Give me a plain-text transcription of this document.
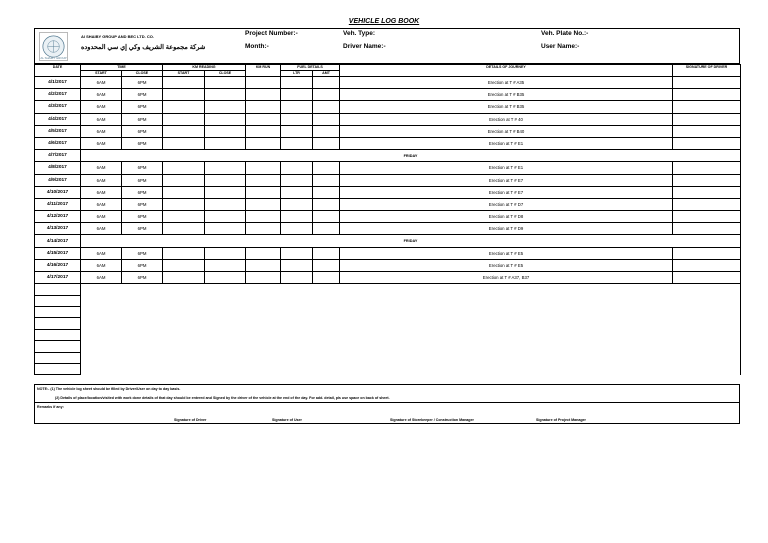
VEHICLE LOG BOOK
AL SHAIBY GROUP
Al SHAIBY GROUP AND BEC LTD. CO.
شركة مجموعة الشريف وكي إي سي المحدوده
Project Number:-
Month:-
Veh. Type:
Driver Name:-
Veh. Plate No.:-
User Name:-
DATE	TIME		KM READING		KM RUN	FUEL DETAILS		DETAILS OF JOURNEY	SIGNATURE OF DRIVER
	START	CLOSE	START	CLOSE		LTR	AMT		
4/1/2017	6AM	6PM						Erection at T # A35	
4/2/2017	6AM	6PM						Erection at T # B35	
4/3/2017	6AM	6PM						Erection at T # B35	
4/4/2017	6AM	6PM						Erection at T # 40	
4/5/2017	6AM	6PM						Erection at T # B40	
4/6/2017	6AM	6PM						Erection at T # E1	
4/7/2017	FRIDAY								
4/8/2017	6AM	6PM						Erection at T # E1	
4/9/2017	6AM	6PM						Erection at T # E7	
4/10/2017	6AM	6PM						Erection at T # E7	
4/11/2017	6AM	6PM						Erection at T # D7	
4/12/2017	6AM	6PM						Erection at T # D8	
4/13/2017	6AM	6PM						Erection at T # D9	
4/14/2017	FRIDAY								
4/15/2017	6AM	6PM						Erection at T # E5	
4/16/2017	6AM	6PM						Erection at T # E5	
4/17/2017	6AM	6PM						Erection at T # A37, B37	

NOTE:- (1) The vehicle log sheet should be filled by Driver/User on day to day basis.
(2) Details of place/location/visited with work done details of that day should be entered and Signed by the driver of the vehicle at the end of the day. For add. detail, pls use space on back of sheet.
Remarks if any:
Signature of Driver	Signature of User	Signature of Storekeeper / Construction Manager	Signature of Project Manager
